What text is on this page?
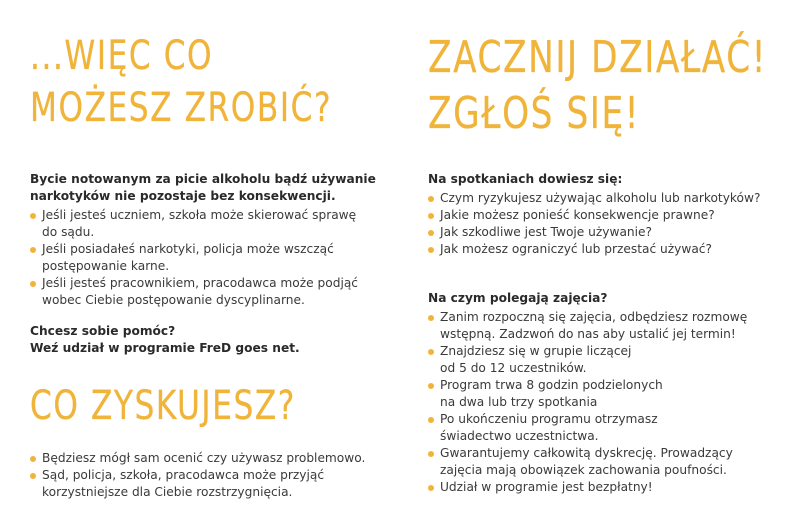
...WIĘC CO
MOŻESZ ZROBIĆ?

Bycie notowanym za picie alkoholu bądź używanie
narkotyków nie pozostaje bez konsekwencji.

Jeśli jesteś uczniem, szkoła może skierować sprawę
do sądu.
Jeśli posiadałeś narkotyki, policja może wszcząć
postępowanie karne.
Jeśli jesteś pracownikiem, pracodawca może podjąć
wobec Ciebie postępowanie dyscyplinarne.

Chcesz sobie pomóc?
Weź udział w programie FreD goes net.

CO ZYSKUJESZ?
Będziesz mógł sam ocenić czy używasz problemowo.
Sąd, policja, szkoła, pracodawca może przyjąć
korzystniejsze dla Ciebie rozstrzygnięcia.
ZACZNIJ DZIAŁAĆ!
ZGŁOŚ SIĘ!

Na spotkaniach dowiesz się:

Czym ryzykujesz używając alkoholu lub narkotyków?
Jakie możesz ponieść konsekwencje prawne?
Jak szkodliwe jest Twoje używanie?
Jak możesz ograniczyć lub przestać używać?

Na czym polegają zajęcia?

Zanim rozpoczną się zajęcia, odbędziesz rozmowę
wstępną. Zadzwoń do nas aby ustalić jej termin!
Znajdziesz się w grupie liczącej
od 5 do 12 uczestników.
Program trwa 8 godzin podzielonych
na dwa lub trzy spotkania
Po ukończeniu programu otrzymasz
świadectwo uczestnictwa.
Gwarantujemy całkowitą dyskrecję. Prowadzący
zajęcia mają obowiązek zachowania poufności.
Udział w programie jest bezpłatny!
